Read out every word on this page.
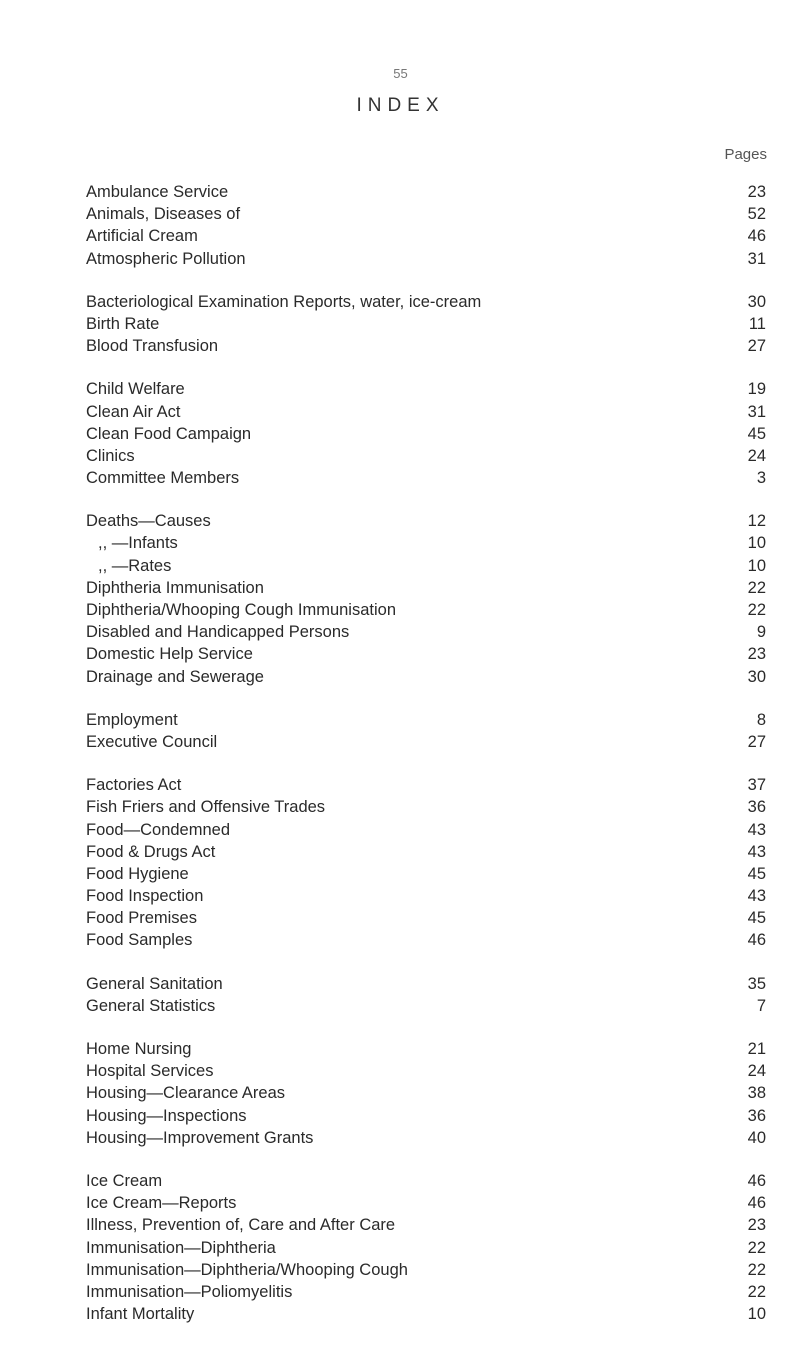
55
INDEX
Pages
Ambulance Service	23
Animals, Diseases of	52
Artificial Cream	46
Atmospheric Pollution	31
Bacteriological Examination Reports, water, ice-cream	30
Birth Rate	11
Blood Transfusion	27
Child Welfare	19
Clean Air Act	31
Clean Food Campaign	45
Clinics	24
Committee Members	3
Deaths—Causes	12
,, —Infants	10
,, —Rates	10
Diphtheria Immunisation	22
Diphtheria/Whooping Cough Immunisation	22
Disabled and Handicapped Persons	9
Domestic Help Service	23
Drainage and Sewerage	30
Employment	8
Executive Council	27
Factories Act	37
Fish Friers and Offensive Trades	36
Food—Condemned	43
Food & Drugs Act	43
Food Hygiene	45
Food Inspection	43
Food Premises	45
Food Samples	46
General Sanitation	35
General Statistics	7
Home Nursing	21
Hospital Services	24
Housing—Clearance Areas	38
Housing—Inspections	36
Housing—Improvement Grants	40
Ice Cream	46
Ice Cream—Reports	46
Illness, Prevention of, Care and After Care	23
Immunisation—Diphtheria	22
Immunisation—Diphtheria/Whooping Cough	22
Immunisation—Poliomyelitis	22
Infant Mortality	10
